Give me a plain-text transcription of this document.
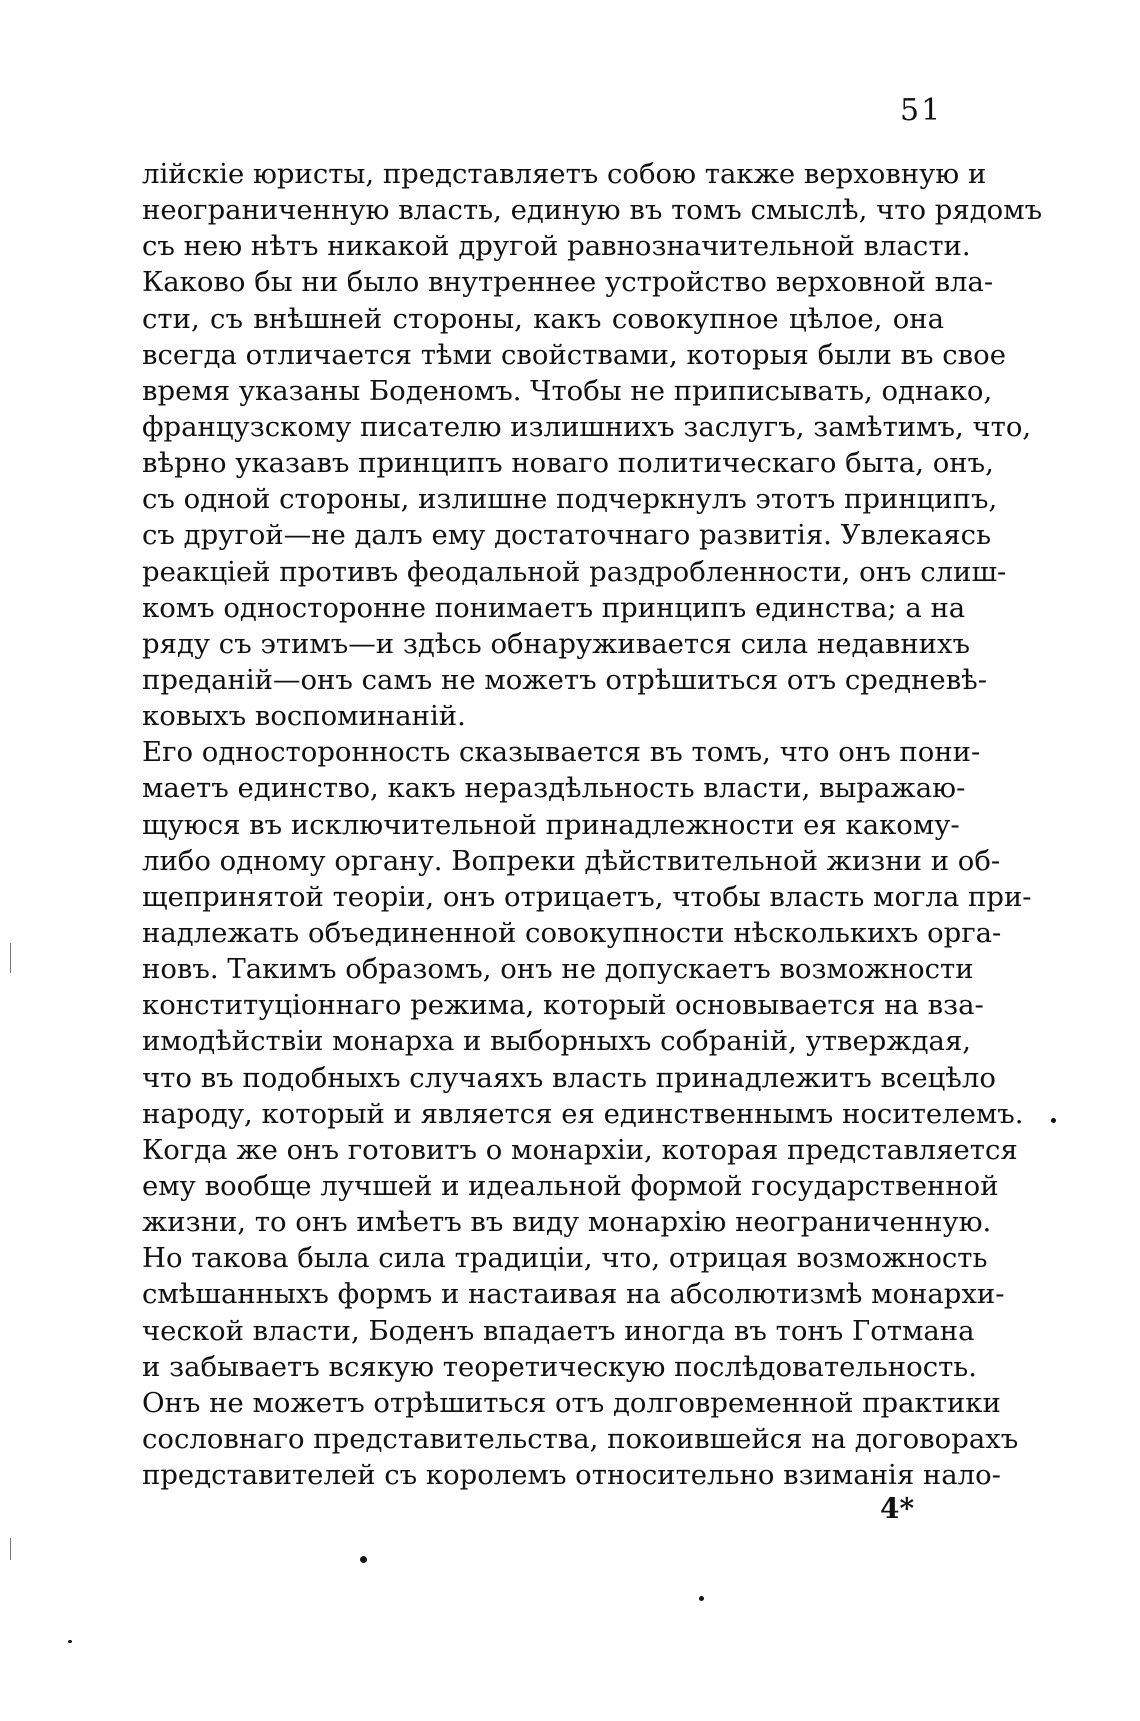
51
лійскіе юристы, представляетъ собою также верховную и
неограниченную власть, единую въ томъ смыслѣ, что рядомъ
съ нею нѣтъ никакой другой равнозначительной власти.
Каково бы ни было внутреннее устройство верховной вла-
сти, съ внѣшней стороны, какъ совокупное цѣлое, она
всегда отличается тѣми свойствами, которыя были въ свое
время указаны Боденомъ. Чтобы не приписывать, однако,
французскому писателю излишнихъ заслугъ, замѣтимъ, что,
вѣрно указавъ принципъ новаго политическаго быта, онъ,
съ одной стороны, излишне подчеркнулъ этотъ принципъ,
съ другой—не далъ ему достаточнаго развитія. Увлекаясь
реакціей противъ феодальной раздробленности, онъ слиш-
комъ односторонне понимаетъ принципъ единства; а на
ряду съ этимъ—и здѣсь обнаруживается сила недавнихъ
преданій—онъ самъ не можетъ отрѣшиться отъ средневѣ-
ковыхъ воспоминаній.
Его односторонность сказывается въ томъ, что онъ пони-
маетъ единство, какъ нераздѣльность власти, выражаю-
щуюся въ исключительной принадлежности ея какому-
либо одному органу. Вопреки дѣйствительной жизни и об-
щепринятой теоріи, онъ отрицаетъ, чтобы власть могла при-
надлежать объединенной совокупности нѣсколькихъ орга-
новъ. Такимъ образомъ, онъ не допускаетъ возможности
конституціоннаго режима, который основывается на вза-
имодѣйствіи монарха и выборныхъ собраній, утверждая,
что въ подобныхъ случаяхъ власть принадлежитъ всецѣло
народу, который и является ея единственнымъ носителемъ.
Когда же онъ готовитъ о монархіи, которая представляется
ему вообще лучшей и идеальной формой государственной
жизни, то онъ имѣетъ въ виду монархію неограниченную.
Но такова была сила традиціи, что, отрицая возможность
смѣшанныхъ формъ и настаивая на абсолютизмѣ монархи-
ческой власти, Боденъ впадаетъ иногда въ тонъ Готмана
и забываетъ всякую теоретическую послѣдовательность.
Онъ не можетъ отрѣшиться отъ долговременной практики
сословнаго представительства, покоившейся на договорахъ
представителей съ королемъ относительно взиманія нало-
4*
